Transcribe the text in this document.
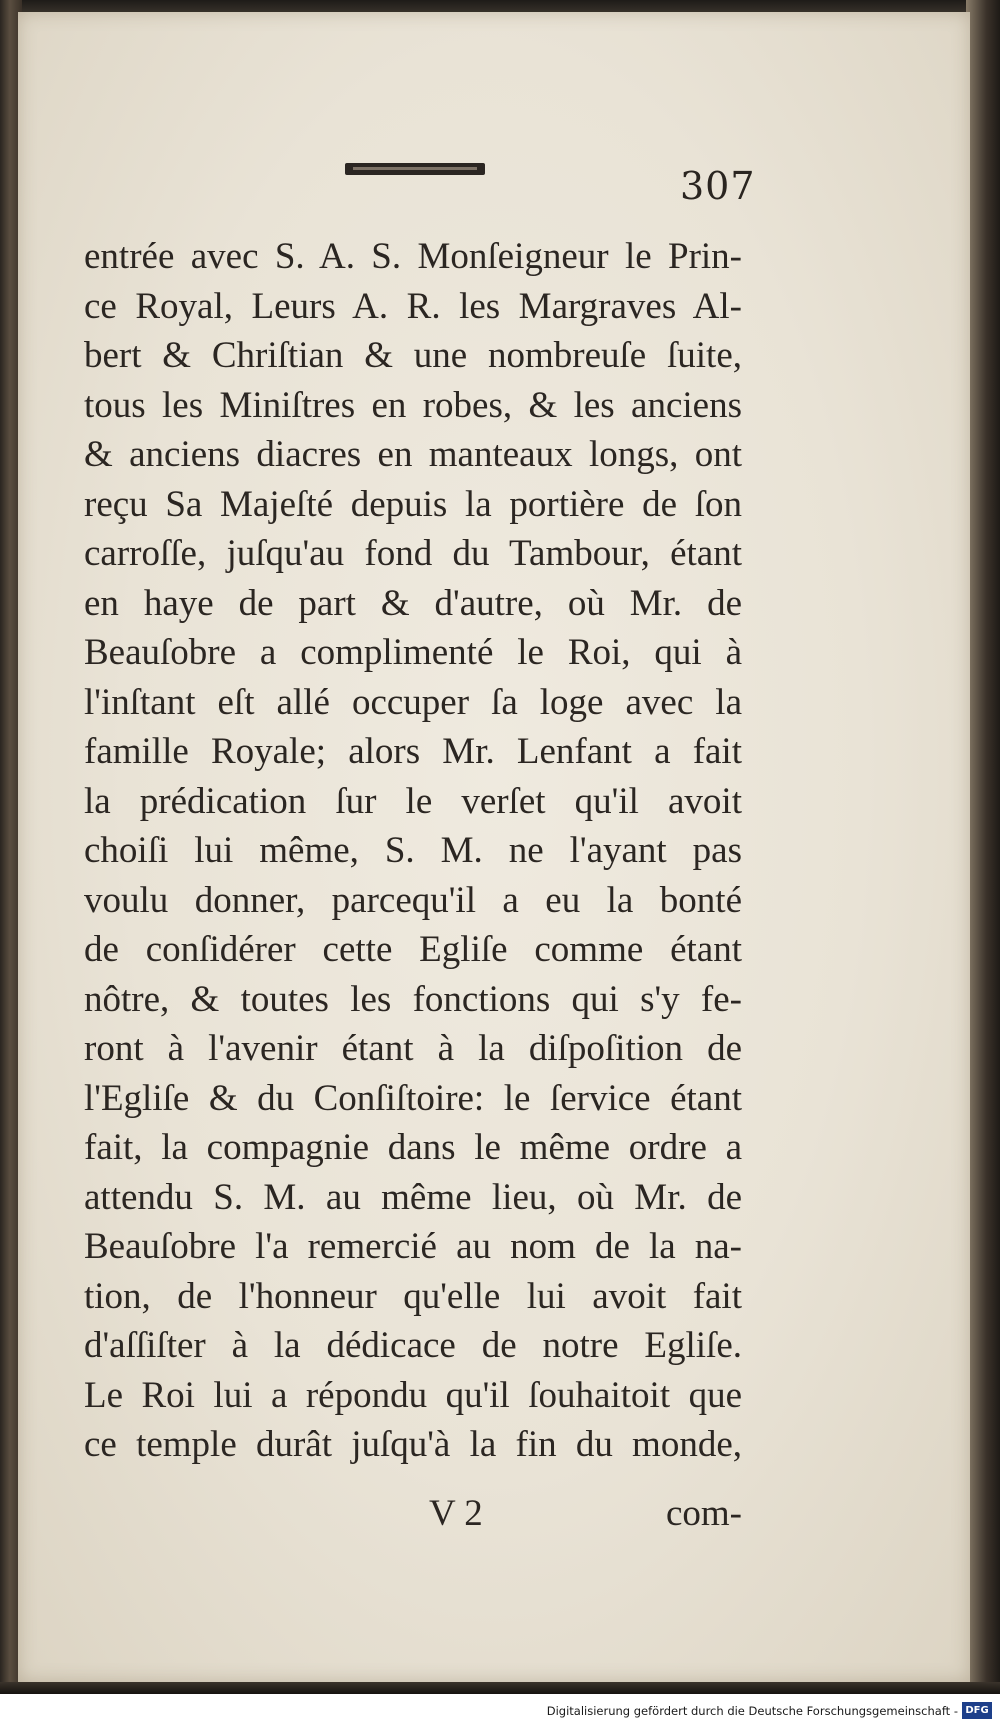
307
entrée avec S. A. S. Monſeigneur le Prin-
ce Royal, Leurs A. R. les Margraves Al-
bert & Chriſtian & une nombreuſe ſuite,
tous les Miniſtres en robes, & les anciens
& anciens diacres en manteaux longs, ont
reçu Sa Majeſté depuis la portière de ſon
carroſſe, juſqu'au fond du Tambour, étant
en haye de part & d'autre, où Mr. de
Beauſobre a complimenté le Roi, qui à
l'inſtant eſt allé occuper ſa loge avec la
famille Royale; alors Mr. Lenfant a fait
la prédication ſur le verſet qu'il avoit
choiſi lui même, S. M. ne l'ayant pas
voulu donner, parcequ'il a eu la bonté
de conſidérer cette Egliſe comme étant
nôtre, & toutes les fonctions qui s'y fe-
ront à l'avenir étant à la diſpoſition de
l'Egliſe & du Conſiſtoire: le ſervice étant
fait, la compagnie dans le même ordre a
attendu S. M. au même lieu, où Mr. de
Beauſobre l'a remercié au nom de la na-
tion, de l'honneur qu'elle lui avoit fait
d'aſſiſter à la dédicace de notre Egliſe.
Le Roi lui a répondu qu'il ſouhaitoit que
ce temple durât juſqu'à la fin du monde,
V 2	com-
Digitalisierung gefördert durch die Deutsche Forschungsgemeinschaft - DFG
